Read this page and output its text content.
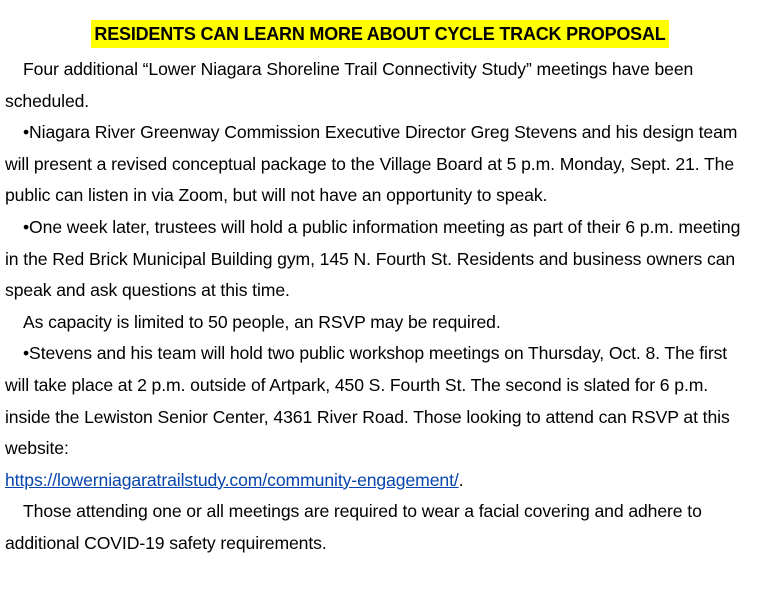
RESIDENTS CAN LEARN MORE ABOUT CYCLE TRACK PROPOSAL

Four additional “Lower Niagara Shoreline Trail Connectivity Study” meetings have been scheduled.

•Niagara River Greenway Commission Executive Director Greg Stevens and his design team will present a revised conceptual package to the Village Board at 5 p.m. Monday, Sept. 21. The public can listen in via Zoom, but will not have an opportunity to speak.

•One week later, trustees will hold a public information meeting as part of their 6 p.m. meeting in the Red Brick Municipal Building gym, 145 N. Fourth St. Residents and business owners can speak and ask questions at this time.

As capacity is limited to 50 people, an RSVP may be required.

•Stevens and his team will hold two public workshop meetings on Thursday, Oct. 8. The first will take place at 2 p.m. outside of Artpark, 450 S. Fourth St. The second is slated for 6 p.m. inside the Lewiston Senior Center, 4361 River Road. Those looking to attend can RSVP at this website:
https://lowerniagaratrailstudy.com/community-engagement/.

Those attending one or all meetings are required to wear a facial covering and adhere to additional COVID-19 safety requirements.
